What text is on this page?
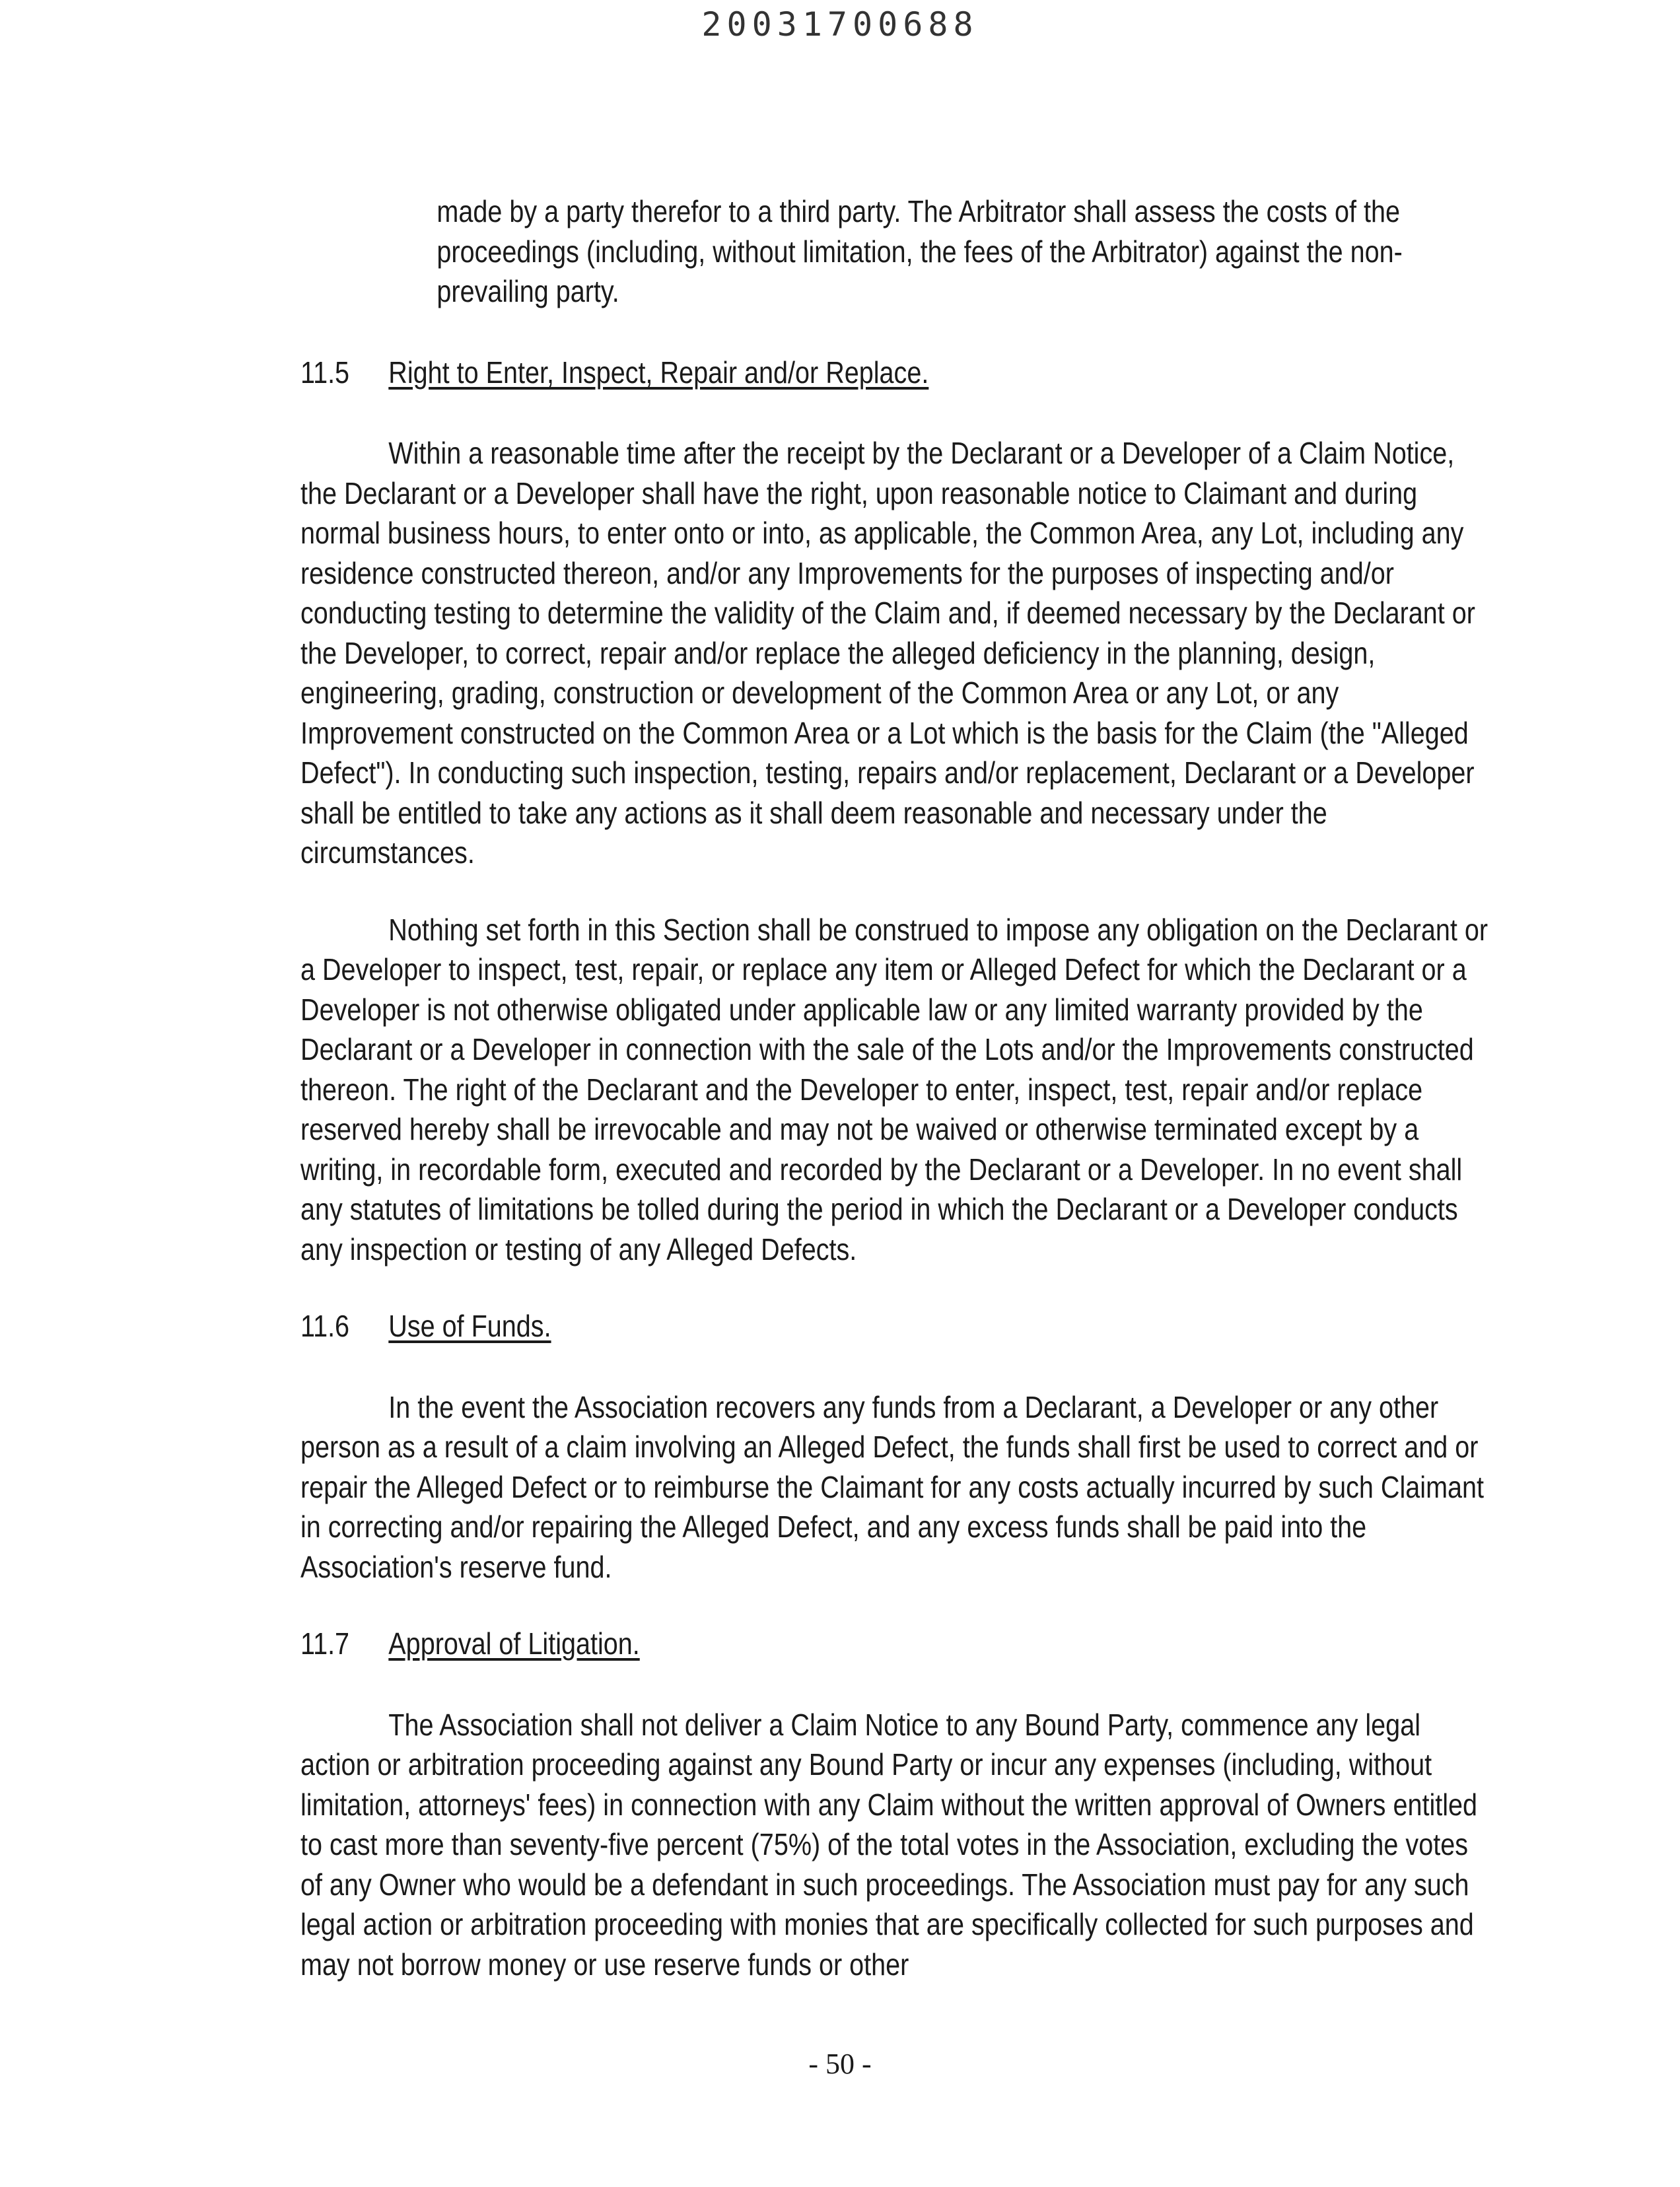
20031700688

made by a party therefor to a third party. The Arbitrator shall assess the costs of the proceedings (including, without limitation, the fees of the Arbitrator) against the non-prevailing party.

11.5	Right to Enter, Inspect, Repair and/or Replace.

Within a reasonable time after the receipt by the Declarant or a Developer of a Claim Notice, the Declarant or a Developer shall have the right, upon reasonable notice to Claimant and during normal business hours, to enter onto or into, as applicable, the Common Area, any Lot, including any residence constructed thereon, and/or any Improvements for the purposes of inspecting and/or conducting testing to determine the validity of the Claim and, if deemed necessary by the Declarant or the Developer, to correct, repair and/or replace the alleged deficiency in the planning, design, engineering, grading, construction or development of the Common Area or any Lot, or any Improvement constructed on the Common Area or a Lot which is the basis for the Claim (the "Alleged Defect"). In conducting such inspection, testing, repairs and/or replacement, Declarant or a Developer shall be entitled to take any actions as it shall deem reasonable and necessary under the circumstances.

Nothing set forth in this Section shall be construed to impose any obligation on the Declarant or a Developer to inspect, test, repair, or replace any item or Alleged Defect for which the Declarant or a Developer is not otherwise obligated under applicable law or any limited warranty provided by the Declarant or a Developer in connection with the sale of the Lots and/or the Improvements constructed thereon. The right of the Declarant and the Developer to enter, inspect, test, repair and/or replace reserved hereby shall be irrevocable and may not be waived or otherwise terminated except by a writing, in recordable form, executed and recorded by the Declarant or a Developer. In no event shall any statutes of limitations be tolled during the period in which the Declarant or a Developer conducts any inspection or testing of any Alleged Defects.

11.6	Use of Funds.

In the event the Association recovers any funds from a Declarant, a Developer or any other person as a result of a claim involving an Alleged Defect, the funds shall first be used to correct and or repair the Alleged Defect or to reimburse the Claimant for any costs actually incurred by such Claimant in correcting and/or repairing the Alleged Defect, and any excess funds shall be paid into the Association's reserve fund.

11.7	Approval of Litigation.

The Association shall not deliver a Claim Notice to any Bound Party, commence any legal action or arbitration proceeding against any Bound Party or incur any expenses (including, without limitation, attorneys' fees) in connection with any Claim without the written approval of Owners entitled to cast more than seventy-five percent (75%) of the total votes in the Association, excluding the votes of any Owner who would be a defendant in such proceedings. The Association must pay for any such legal action or arbitration proceeding with monies that are specifically collected for such purposes and may not borrow money or use reserve funds or other

- 50 -
